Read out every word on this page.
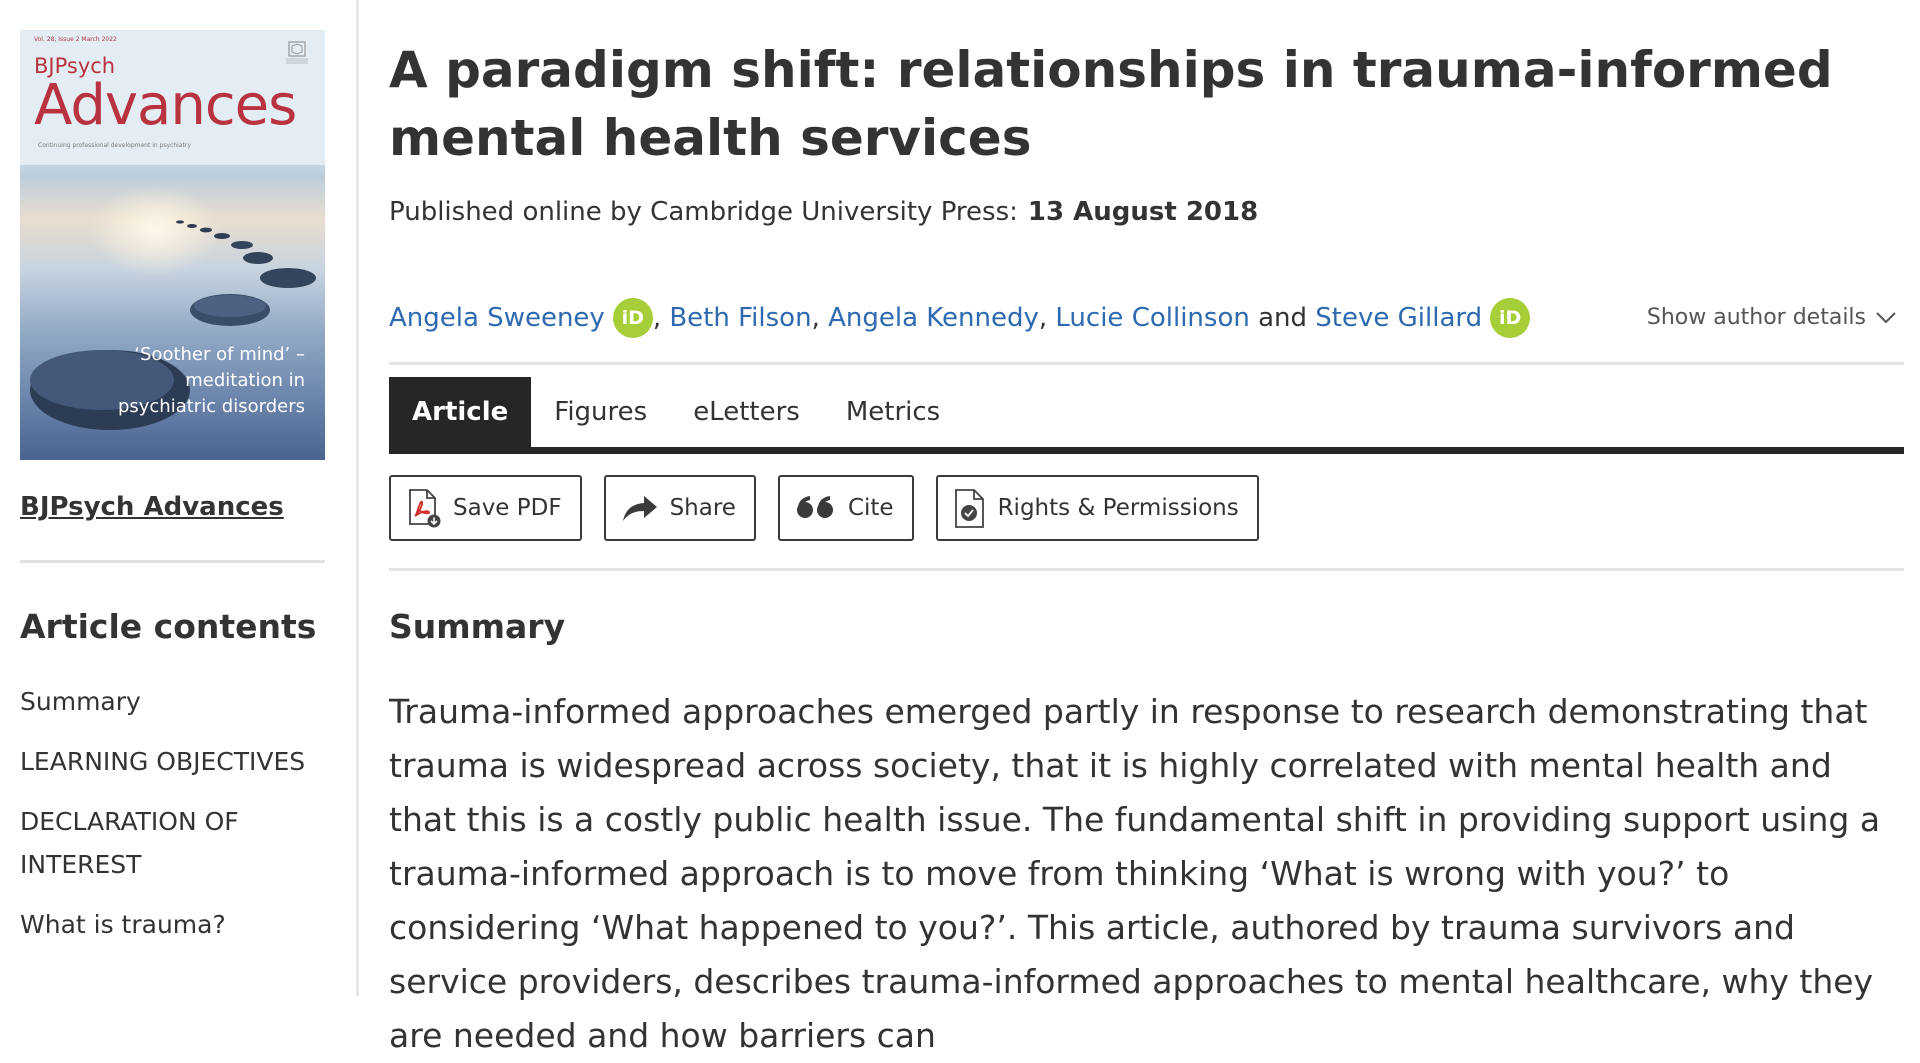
Vol. 28, Issue 2 March 2022
BJPsych
Advances
Continuing professional development in psychiatry
‘Soother of mind’ –
meditation in
psychiatric disorders
BJPsych Advances
Article contents
Summary
LEARNING OBJECTIVES
DECLARATION OF INTEREST
What is trauma?
A paradigm shift: relationships in trauma-informed mental health services
Published online by Cambridge University Press: 13 August 2018
Angela Sweeney iD , Beth Filson , Angela Kennedy , Lucie Collinson and Steve Gillard iD	Show author details
Article	Figures	eLetters	Metrics
Save PDF	Share	Cite	Rights & Permissions
Summary

Trauma-informed approaches emerged partly in response to research demonstrating that trauma is widespread across society, that it is highly correlated with mental health and that this is a costly public health issue. The fundamental shift in providing support using a trauma-informed approach is to move from thinking ‘What is wrong with you?’ to considering ‘What happened to you?’. This article, authored by trauma survivors and service providers, describes trauma-informed approaches to mental healthcare, why they are needed and how barriers can
